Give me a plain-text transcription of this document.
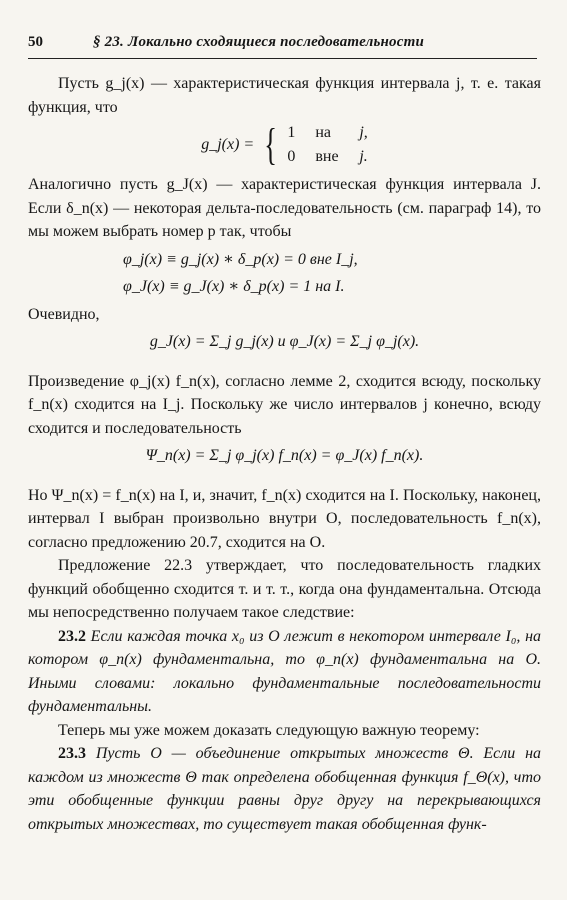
50	§ 23. Локально сходящиеся последовательности

Пусть g_j(x) — характеристическая функция интервала j, т. е. такая функция, что

g_j(x) = { 1 на j,
0 вне j.

Аналогично пусть g_J(x) — характеристическая функция интервала J. Если δ_n(x) — некоторая дельта-последовательность (см. параграф 14), то мы можем выбрать номер p так, чтобы

φ_j(x) ≡ g_j(x) ∗ δ_p(x) = 0 вне I_j,
φ_J(x) ≡ g_J(x) ∗ δ_p(x) = 1 на I.

Очевидно,

g_J(x) = Σ_j g_j(x) и φ_J(x) = Σ_j φ_j(x).

Произведение φ_j(x) f_n(x), согласно лемме 2, сходится всюду, поскольку f_n(x) сходится на I_j. Поскольку же число интервалов j конечно, всюду сходится и последовательность

Ψ_n(x) = Σ_j φ_j(x) f_n(x) = φ_J(x) f_n(x).

Но Ψ_n(x) = f_n(x) на I, и, значит, f_n(x) сходится на I. Поскольку, наконец, интервал I выбран произвольно внутри O, последовательность f_n(x), согласно предложению 20.7, сходится на O.

Предложение 22.3 утверждает, что последовательность гладких функций обобщенно сходится т. и т. т., когда она фундаментальна. Отсюда мы непосредственно получаем такое следствие:

23.2 Если каждая точка x₀ из O лежит в некотором интервале I₀, на котором φ_n(x) фундаментальна, то φ_n(x) фундаментальна на O. Иными словами: локально фундаментальные последовательности фундаментальны.

Теперь мы уже можем доказать следующую важную теорему:

23.3 Пусть O — объединение открытых множеств Θ. Если на каждом из множеств Θ так определена обобщенная функция f_Θ(x), что эти обобщенные функции равны друг другу на перекрывающихся открытых множествах, то существует такая обобщенная функ-
